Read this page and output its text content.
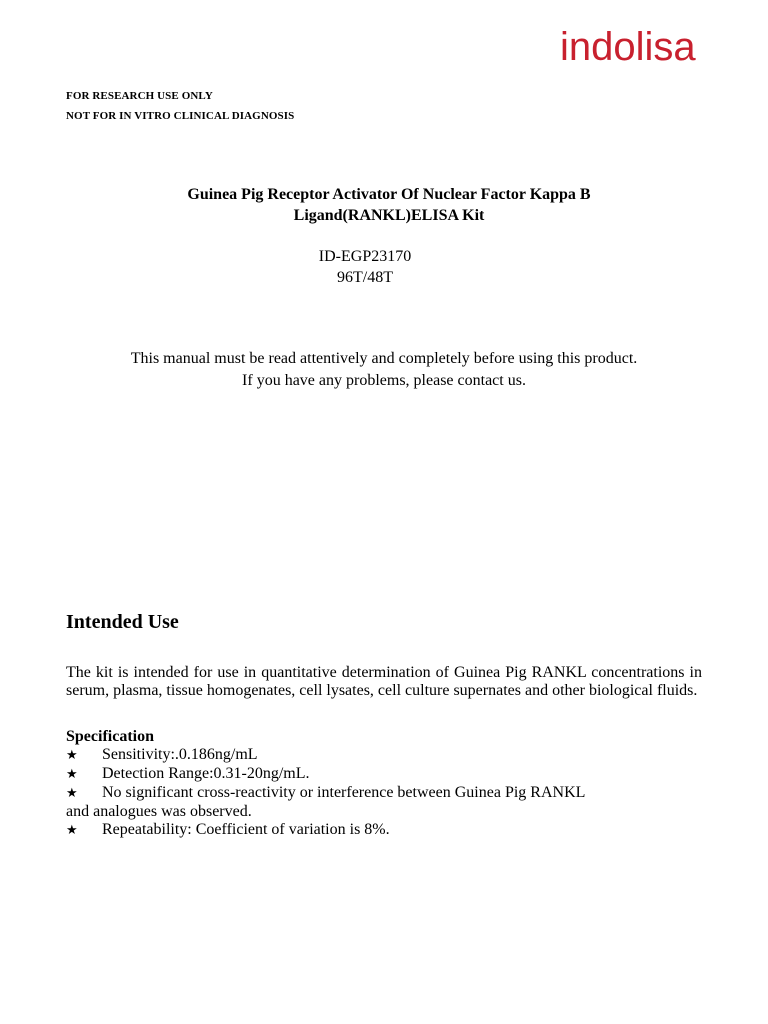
indolisa
FOR RESEARCH USE ONLY
NOT FOR IN VITRO CLINICAL DIAGNOSIS
Guinea Pig Receptor Activator Of Nuclear Factor Kappa B
Ligand(RANKL)ELISA Kit
ID-EGP23170
96T/48T
This manual must be read attentively and completely before using this product.
If you have any problems, please contact us.
Intended Use
The kit is intended for use in quantitative determination of Guinea Pig RANKL concentrations in serum, plasma, tissue homogenates, cell lysates, cell culture supernates and other biological fluids.
Specification
★ Sensitivity:.0.186ng/mL
★ Detection Range:0.31-20ng/mL.
★ No significant cross-reactivity or interference between Guinea Pig RANKL
and analogues was observed.
★ Repeatability: Coefficient of variation is 8%.
